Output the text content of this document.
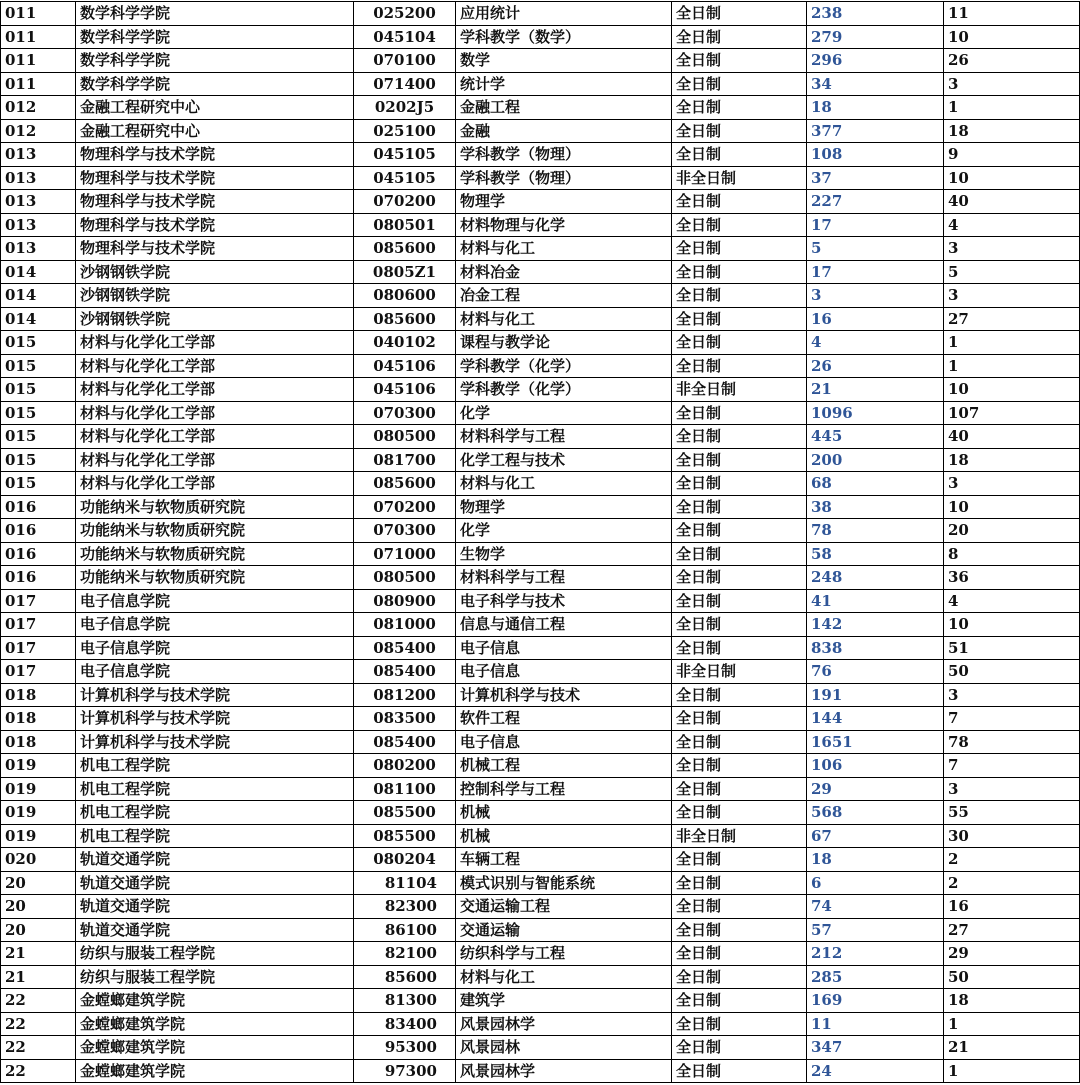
011	数学科学学院	025200	应用统计	全日制	238	11
011	数学科学学院	045104	学科教学（数学）	全日制	279	10
011	数学科学学院	070100	数学	全日制	296	26
011	数学科学学院	071400	统计学	全日制	34	3
012	金融工程研究中心	0202J5	金融工程	全日制	18	1
012	金融工程研究中心	025100	金融	全日制	377	18
013	物理科学与技术学院	045105	学科教学（物理）	全日制	108	9
013	物理科学与技术学院	045105	学科教学（物理）	非全日制	37	10
013	物理科学与技术学院	070200	物理学	全日制	227	40
013	物理科学与技术学院	080501	材料物理与化学	全日制	17	4
013	物理科学与技术学院	085600	材料与化工	全日制	5	3
014	沙钢钢铁学院	0805Z1	材料冶金	全日制	17	5
014	沙钢钢铁学院	080600	冶金工程	全日制	3	3
014	沙钢钢铁学院	085600	材料与化工	全日制	16	27
015	材料与化学化工学部	040102	课程与教学论	全日制	4	1
015	材料与化学化工学部	045106	学科教学（化学）	全日制	26	1
015	材料与化学化工学部	045106	学科教学（化学）	非全日制	21	10
015	材料与化学化工学部	070300	化学	全日制	1096	107
015	材料与化学化工学部	080500	材料科学与工程	全日制	445	40
015	材料与化学化工学部	081700	化学工程与技术	全日制	200	18
015	材料与化学化工学部	085600	材料与化工	全日制	68	3
016	功能纳米与软物质研究院	070200	物理学	全日制	38	10
016	功能纳米与软物质研究院	070300	化学	全日制	78	20
016	功能纳米与软物质研究院	071000	生物学	全日制	58	8
016	功能纳米与软物质研究院	080500	材料科学与工程	全日制	248	36
017	电子信息学院	080900	电子科学与技术	全日制	41	4
017	电子信息学院	081000	信息与通信工程	全日制	142	10
017	电子信息学院	085400	电子信息	全日制	838	51
017	电子信息学院	085400	电子信息	非全日制	76	50
018	计算机科学与技术学院	081200	计算机科学与技术	全日制	191	3
018	计算机科学与技术学院	083500	软件工程	全日制	144	7
018	计算机科学与技术学院	085400	电子信息	全日制	1651	78
019	机电工程学院	080200	机械工程	全日制	106	7
019	机电工程学院	081100	控制科学与工程	全日制	29	3
019	机电工程学院	085500	机械	全日制	568	55
019	机电工程学院	085500	机械	非全日制	67	30
020	轨道交通学院	080204	车辆工程	全日制	18	2
20	轨道交通学院	81104	模式识别与智能系统	全日制	6	2
20	轨道交通学院	82300	交通运输工程	全日制	74	16
20	轨道交通学院	86100	交通运输	全日制	57	27
21	纺织与服装工程学院	82100	纺织科学与工程	全日制	212	29
21	纺织与服装工程学院	85600	材料与化工	全日制	285	50
22	金螳螂建筑学院	81300	建筑学	全日制	169	18
22	金螳螂建筑学院	83400	风景园林学	全日制	11	1
22	金螳螂建筑学院	95300	风景园林	全日制	347	21
22	金螳螂建筑学院	97300	风景园林学	全日制	24	1
